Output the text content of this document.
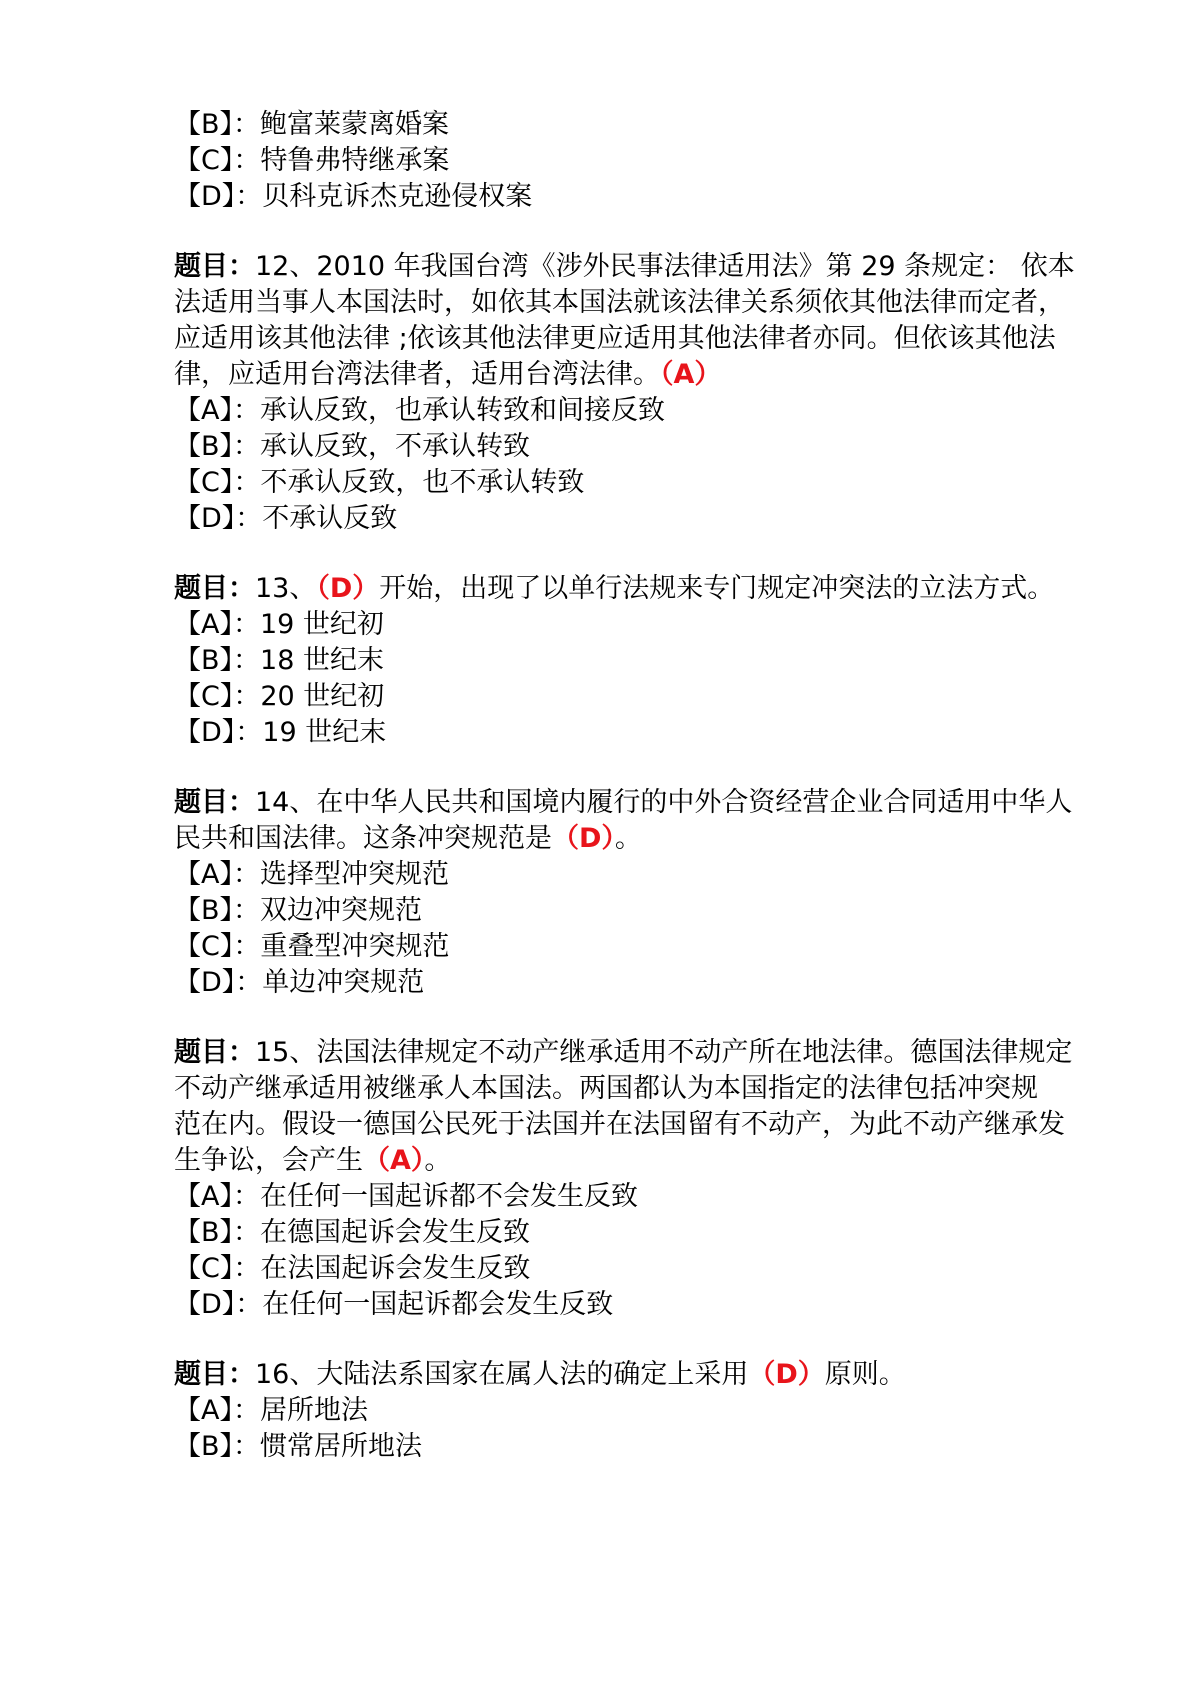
【B】：鲍富莱蒙离婚案
【C】：特鲁弗特继承案
【D】：贝科克诉杰克逊侵权案
题目：12、2010 年我国台湾《涉外民事法律适用法》第 29 条规定： 依本
法适用当事人本国法时，如依其本国法就该法律关系须依其他法律而定者，
应适用该其他法律 ;依该其他法律更应适用其他法律者亦同。但依该其他法
律，应适用台湾法律者，适用台湾法律。（A）
【A】：承认反致，也承认转致和间接反致
【B】：承认反致，不承认转致
【C】：不承认反致，也不承认转致
【D】：不承认反致
题目：13、（D）开始，出现了以单行法规来专门规定冲突法的立法方式。
【A】：19 世纪初
【B】：18 世纪末
【C】：20 世纪初
【D】：19 世纪末
题目：14、在中华人民共和国境内履行的中外合资经营企业合同适用中华人
民共和国法律。这条冲突规范是（D）。
【A】：选择型冲突规范
【B】：双边冲突规范
【C】：重叠型冲突规范
【D】：单边冲突规范
题目：15、法国法律规定不动产继承适用不动产所在地法律。德国法律规定
不动产继承适用被继承人本国法。两国都认为本国指定的法律包括冲突规
范在内。假设一德国公民死于法国并在法国留有不动产，为此不动产继承发
生争讼，会产生（A）。
【A】：在任何一国起诉都不会发生反致
【B】：在德国起诉会发生反致
【C】：在法国起诉会发生反致
【D】：在任何一国起诉都会发生反致
题目：16、大陆法系国家在属人法的确定上采用（D）原则。
【A】：居所地法
【B】：惯常居所地法
